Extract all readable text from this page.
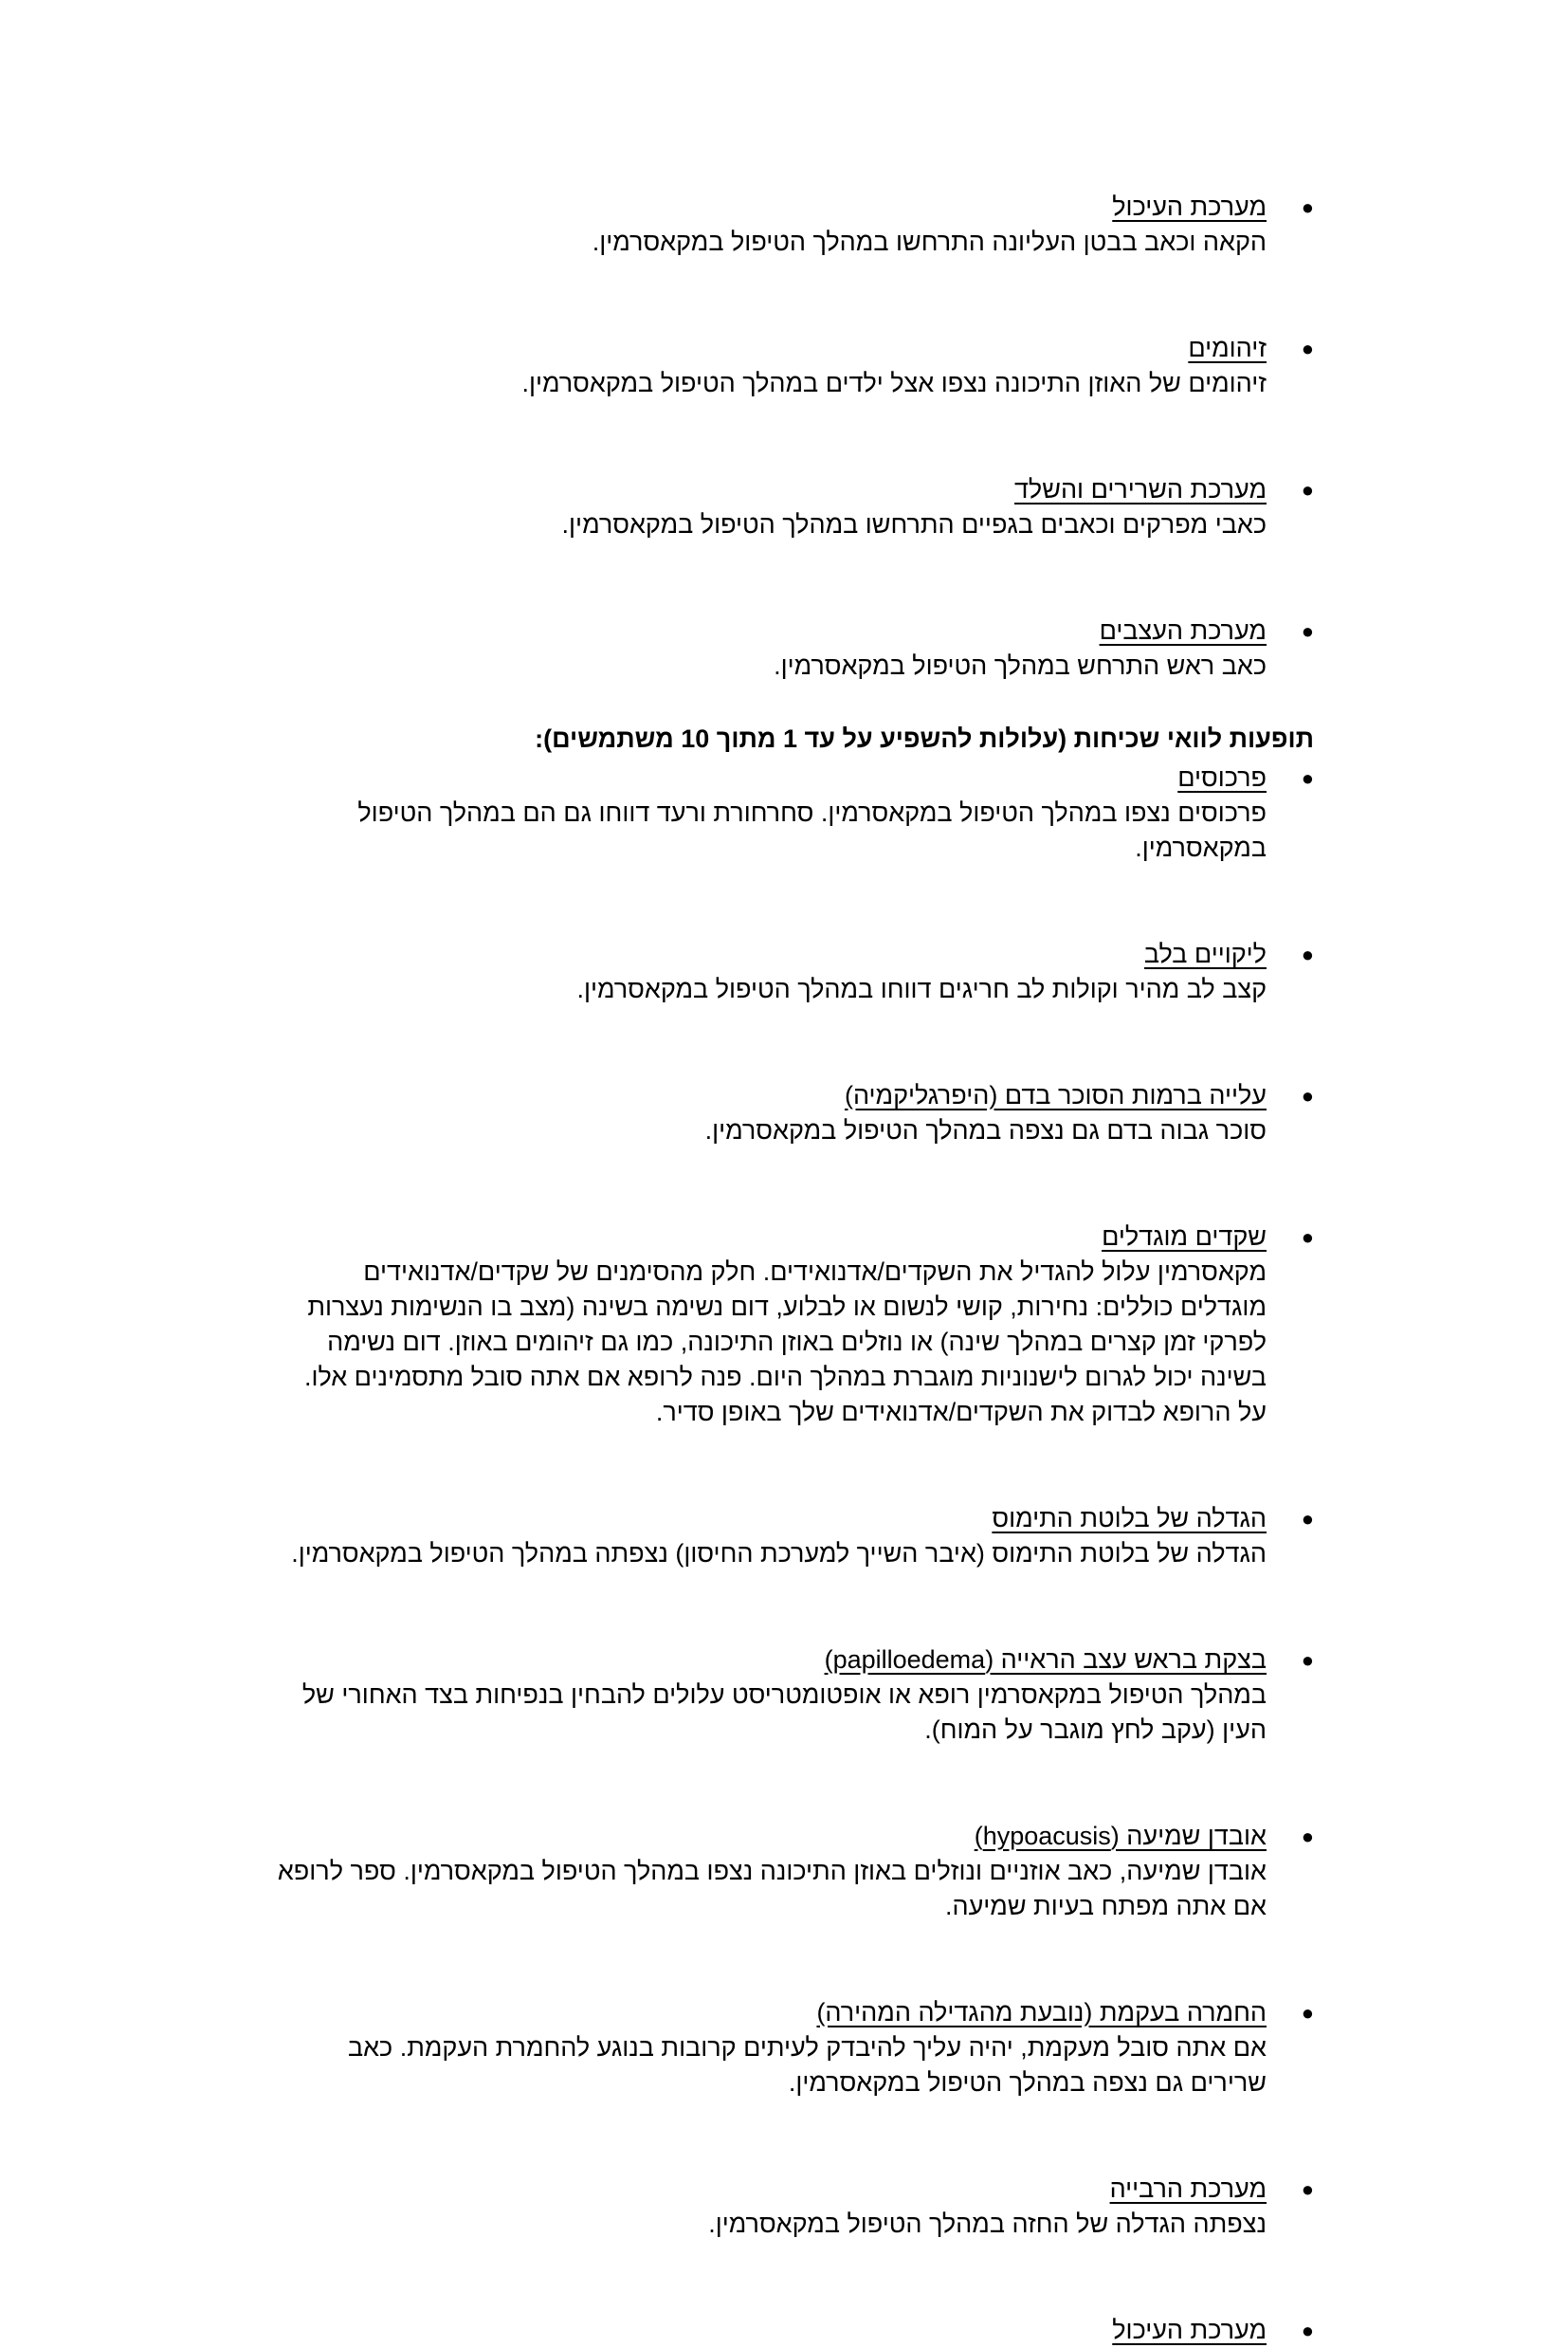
●
מערכת העיכול
הקאה וכאב בבטן העליונה התרחשו במהלך הטיפול במקאסרמין.
●
זיהומים
זיהומים של האוזן התיכונה נצפו אצל ילדים במהלך הטיפול במקאסרמין.
●
מערכת השרירים והשלד
כאבי מפרקים וכאבים בגפיים התרחשו במהלך הטיפול במקאסרמין.
●
מערכת העצבים
כאב ראש התרחש במהלך הטיפול במקאסרמין.

תופעות לוואי שכיחות (עלולות להשפיע על עד 1 מתוך 10 משתמשים):

●
פרכוסים
פרכוסים נצפו במהלך הטיפול במקאסרמין. סחרחורת ורעד דווחו גם הם במהלך הטיפול במקאסרמין.
●
ליקויים בלב
קצב לב מהיר וקולות לב חריגים דווחו במהלך הטיפול במקאסרמין.
●
עלייה ברמות הסוכר בדם (היפרגליקמיה)
סוכר גבוה בדם גם נצפה במהלך הטיפול במקאסרמין.
●
שקדים מוגדלים
מקאסרמין עלול להגדיל את השקדים/אדנואידים. חלק מהסימנים של שקדים/אדנואידים מוגדלים כוללים: נחירות, קושי לנשום או לבלוע, דום נשימה בשינה (מצב בו הנשימות נעצרות לפרקי זמן קצרים במהלך שינה) או נוזלים באוזן התיכונה, כמו גם זיהומים באוזן. דום נשימה בשינה יכול לגרום לישנוניות מוגברת במהלך היום. פנה לרופא אם אתה סובל מתסמינים אלו. על הרופא לבדוק את השקדים/אדנואידים שלך באופן סדיר.
●
הגדלה של בלוטת התימוס
הגדלה של בלוטת התימוס (איבר השייך למערכת החיסון) נצפתה במהלך הטיפול במקאסרמין.
●
בצקת בראש עצב הראייה (papilloedema)
במהלך הטיפול במקאסרמין רופא או אופטומטריסט עלולים להבחין בנפיחות בצד האחורי של העין (עקב לחץ מוגבר על המוח).
●
אובדן שמיעה (hypoacusis)
אובדן שמיעה, כאב אוזניים ונוזלים באוזן התיכונה נצפו במהלך הטיפול במקאסרמין. ספר לרופא אם אתה מפתח בעיות שמיעה.
●
החמרה בעקמת (נובעת מהגדילה המהירה)
אם אתה סובל מעקמת, יהיה עליך להיבדק לעיתים קרובות בנוגע להחמרת העקמת. כאב שרירים גם נצפה במהלך הטיפול במקאסרמין.
●
מערכת הרבייה
נצפתה הגדלה של החזה במהלך הטיפול במקאסרמין.
●
מערכת העיכול
